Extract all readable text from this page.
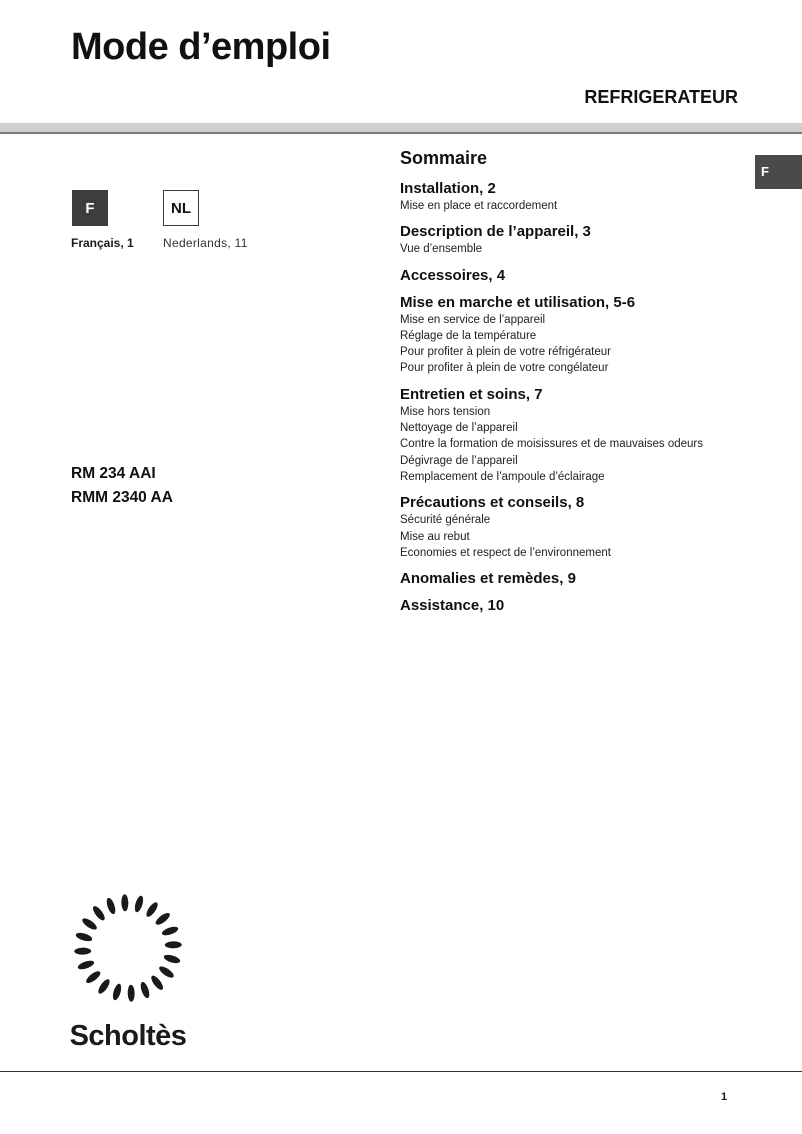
Mode d’emploi
REFRIGERATEUR
F	NL
Français, 1 Nederlands, 11
RM 234 AAI
RMM 2340 AA
F
Sommaire
Installation, 2
Mise en place et raccordement
Description de l’appareil, 3
Vue d’ensemble
Accessoires, 4
Mise en marche et utilisation, 5-6
Mise en service de l’appareil
Réglage de la température
Pour profiter à plein de votre réfrigérateur
Pour profiter à plein de votre congélateur
Entretien et soins, 7
Mise hors tension
Nettoyage de l’appareil
Contre la formation de moisissures et de mauvaises odeurs
Dégivrage de l’appareil
Remplacement de l’ampoule d’éclairage
Précautions et conseils, 8
Sécurité générale
Mise au rebut
Economies et respect de l’environnement
Anomalies et remèdes, 9
Assistance, 10
Scholtès
1
